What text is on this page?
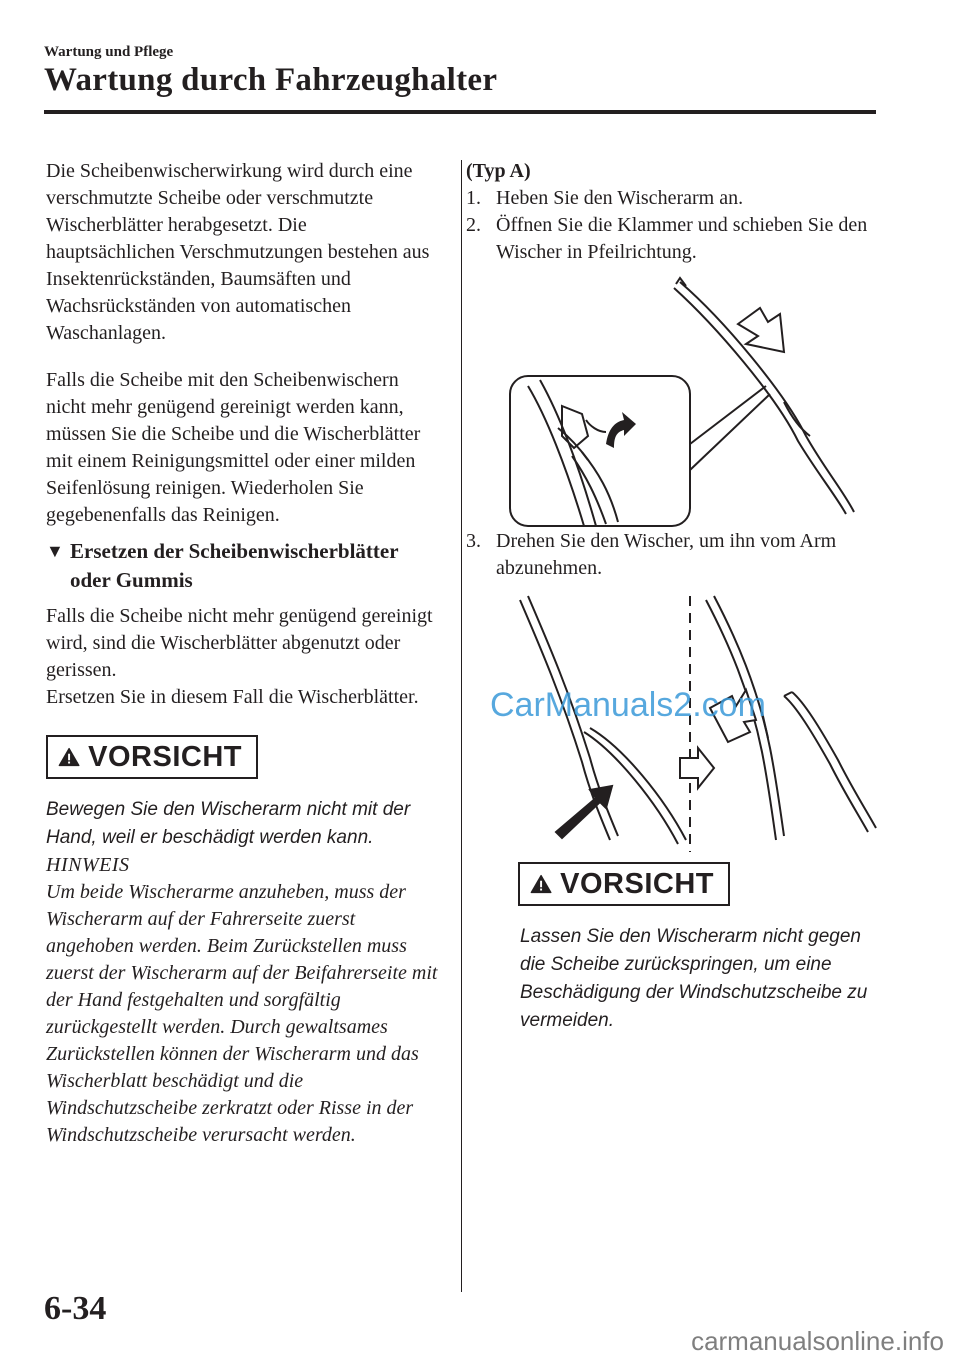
Wartung und Pflege
Wartung durch Fahrzeughalter

Die Scheibenwischerwirkung wird durch eine verschmutzte Scheibe oder verschmutzte Wischerblätter herabgesetzt. Die hauptsächlichen Verschmutzungen bestehen aus Insektenrückständen, Baumsäften und Wachsrückständen von automatischen Waschanlagen.

Falls die Scheibe mit den Scheibenwischern nicht mehr genügend gereinigt werden kann, müssen Sie die Scheibe und die Wischerblätter mit einem Reinigungsmittel oder einer milden Seifenlösung reinigen. Wiederholen Sie gegebenenfalls das Reinigen.

▼ Ersetzen der Scheibenwischerblätter oder Gummis

Falls die Scheibe nicht mehr genügend gereinigt wird, sind die Wischerblätter abgenutzt oder gerissen.

Ersetzen Sie in diesem Fall die Wischerblätter.

VORSICHT

Bewegen Sie den Wischerarm nicht mit der Hand, weil er beschädigt werden kann.

HINWEIS

Um beide Wischerarme anzuheben, muss der Wischerarm auf der Fahrerseite zuerst angehoben werden. Beim Zurückstellen muss zuerst der Wischerarm auf der Beifahrerseite mit der Hand festgehalten und sorgfältig zurückgestellt werden. Durch gewaltsames Zurückstellen können der Wischerarm und das Wischerblatt beschädigt und die Windschutzscheibe zerkratzt oder Risse in der Windschutzscheibe verursacht werden.

(Typ A)

1. Heben Sie den Wischerarm an.
2. Öffnen Sie die Klammer und schieben Sie den Wischer in Pfeilrichtung.
3. Drehen Sie den Wischer, um ihn vom Arm abzunehmen.
VORSICHT

Lassen Sie den Wischerarm nicht gegen die Scheibe zurückspringen, um eine Beschädigung der Windschutzscheibe zu vermeiden.

CarManuals2.com
6-34
carmanualsonline.info
